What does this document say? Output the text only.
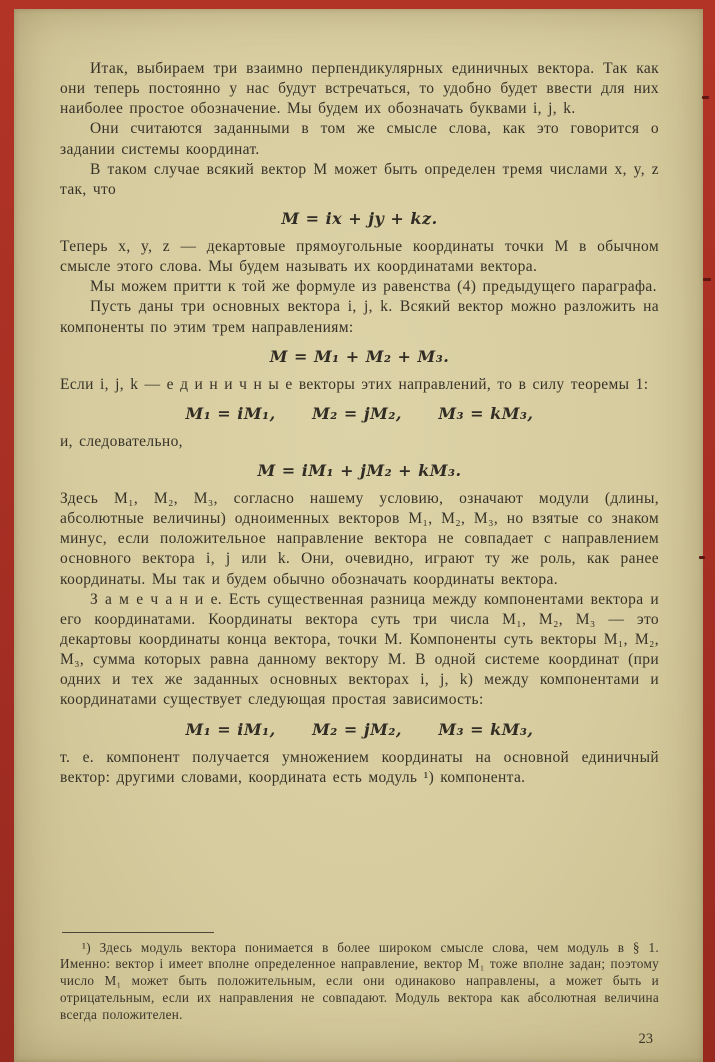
Итак, выбираем три взаимно перпендикулярных единичных вектора. Так как они теперь постоянно у нас будут встречаться, то удобно будет ввести для них наиболее простое обозначение. Мы будем их обозначать буквами i, j, k.

Они считаются заданными в том же смысле слова, как это говорится о задании системы координат.

В таком случае всякий вектор M может быть определен тремя числами x, y, z так, что

M = ix + jy + kz.

Теперь x, y, z — декартовые прямоугольные координаты точки M в обычном смысле этого слова. Мы будем называть их координатами вектора.

Мы можем притти к той же формуле из равенства (4) предыдущего параграфа.

Пусть даны три основных вектора i, j, k. Всякий вектор можно разложить на компоненты по этим трем направлениям:

M = M₁ + M₂ + M₃.

Если i, j, k — е д и н и ч н ы е векторы этих направлений, то в силу теоремы 1:

M₁ = iM₁,      M₂ = jM₂,      M₃ = kM₃,

и, следовательно,

M = iM₁ + jM₂ + kM₃.

Здесь M₁, M₂, M₃, согласно нашему условию, означают модули (длины, абсолютные величины) одноименных векторов M₁, M₂, M₃, но взятые со знаком минус, если положительное направление вектора не совпадает с направлением основного вектора i, j или k. Они, очевидно, играют ту же роль, как ранее координаты. Мы так и будем обычно обозначать координаты вектора.

З а м е ч а н и е. Есть существенная разница между компонентами вектора и его координатами. Координаты вектора суть три числа M₁, M₂, M₃ — это декартовы координаты конца вектора, точки M. Компоненты суть векторы M₁, M₂, M₃, сумма которых равна данному вектору M. В одной системе координат (при одних и тех же заданных основных векторах i, j, k) между компонентами и координатами существует следующая простая зависимость:

M₁ = iM₁,      M₂ = jM₂,      M₃ = kM₃,

т. е. компонент получается умножением координаты на основной единичный вектор: другими словами, координата есть модуль ¹) компонента.

¹) Здесь модуль вектора понимается в более широком смысле слова, чем модуль в § 1. Именно: вектор i имеет вполне определенное направление, вектор M₁ тоже вполне задан; поэтому число M₁ может быть положительным, если они одинаково направлены, а может быть и отрицательным, если их направления не совпадают. Модуль вектора как абсолютная величина всегда положителен.

23
